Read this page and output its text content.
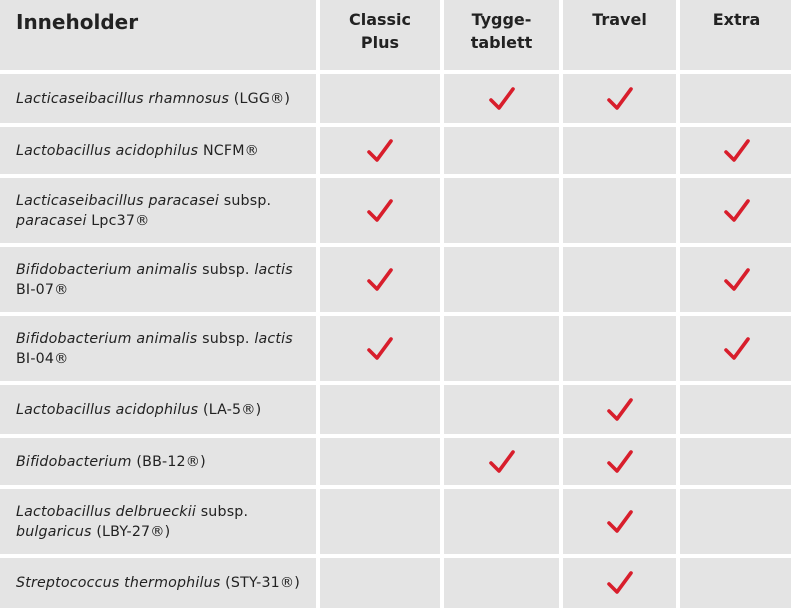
Inneholder	Classic
Plus
Tygge-
tablett
Travel	Extra
Lacticaseibacillus rhamnosus (LGG®)
Lactobacillus acidophilus NCFM®
Lacticaseibacillus paracasei subsp.
paracasei Lpc37®
Bifidobacterium animalis subsp. lactis
BI-07®
Bifidobacterium animalis subsp. lactis
BI-04®
Lactobacillus acidophilus (LA-5®)
Bifidobacterium (BB-12®)
Lactobacillus delbrueckii subsp.
bulgaricus (LBY-27®)
Streptococcus thermophilus (STY-31®)
